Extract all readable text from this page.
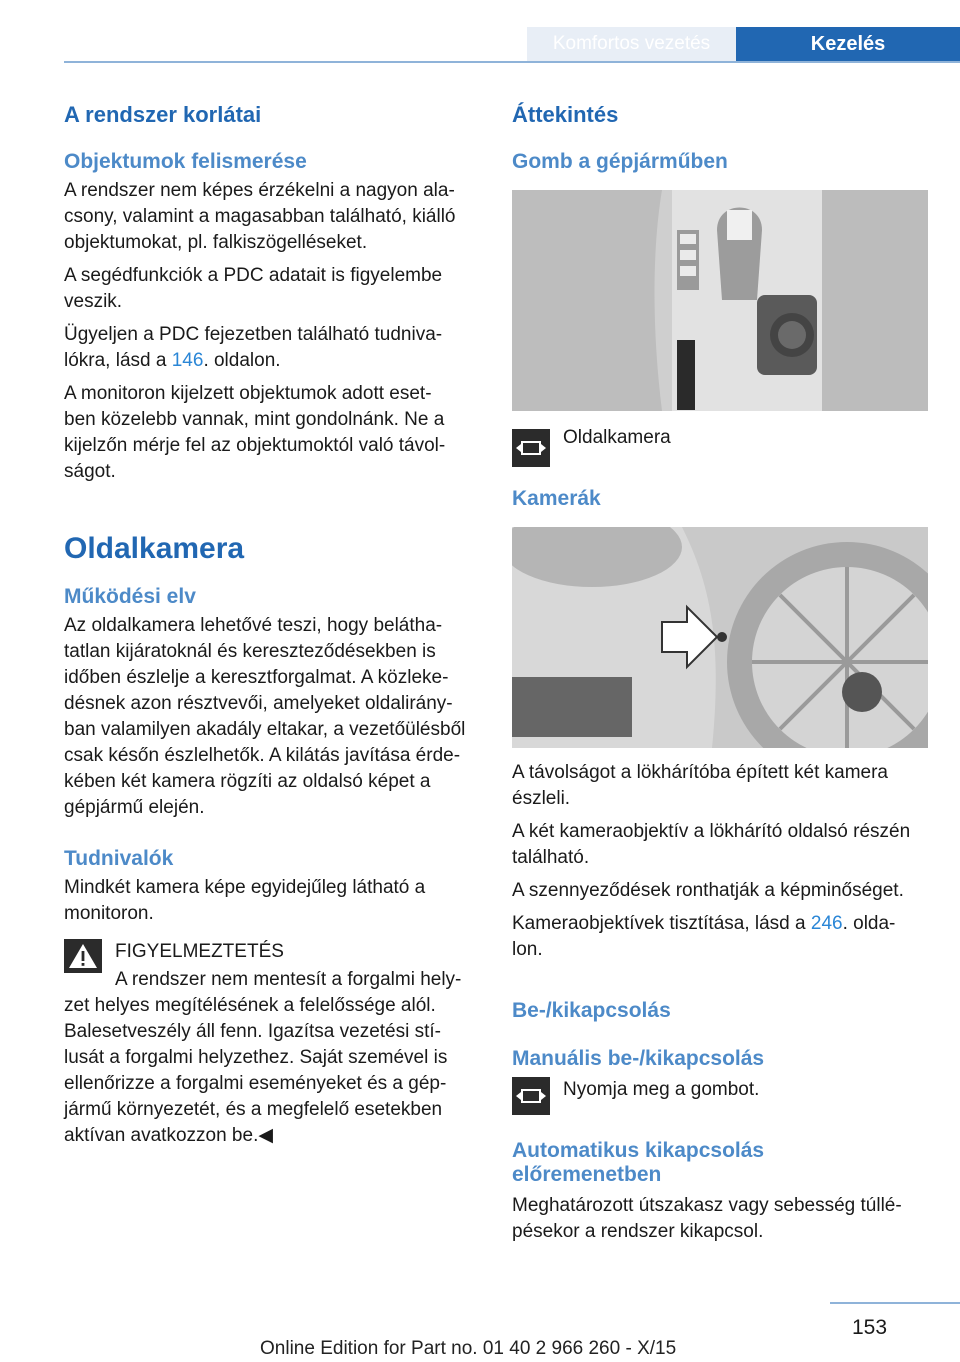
Komfortos vezetés	Kezelés
A rendszer korlátai
Objektumok felismerése
A rendszer nem képes érzékelni a nagyon ala-
csony, valamint a magasabban található, kiálló
objektumokat, pl. falkiszögelléseket.
A segédfunkciók a PDC adatait is figyelembe
veszik.
Ügyeljen a PDC fejezetben található tudniva-
lókra, lásd a 146. oldalon.
A monitoron kijelzett objektumok adott eset-
ben közelebb vannak, mint gondolnánk. Ne a
kijelzőn mérje fel az objektumoktól való távol-
ságot.
Oldalkamera
Működési elv
Az oldalkamera lehetővé teszi, hogy belátha-
tatlan kijáratoknál és kereszteződésekben is
időben észlelje a keresztforgalmat. A közleke-
désnek azon résztvevői, amelyeket oldalirány-
ban valamilyen akadály eltakar, a vezetőülésből
csak későn észlelhetők. A kilátás javítása érde-
kében két kamera rögzíti az oldalsó képet a
gépjármű elején.
Tudnivalók
Mindkét kamera képe egyidejűleg látható a
monitoron.
FIGYELMEZTETÉS
A rendszer nem mentesít a forgalmi hely-
zet helyes megítélésének a felelőssége alól.
Balesetveszély áll fenn. Igazítsa vezetési stí-
lusát a forgalmi helyzethez. Saját szemével is
ellenőrizze a forgalmi eseményeket és a gép-
jármű környezetét, és a megfelelő esetekben
aktívan avatkozzon be.◀
Áttekintés
Gomb a gépjárműben
Oldalkamera
Kamerák
A távolságot a lökhárítóba épített két kamera
észleli.
A két kameraobjektív a lökhárító oldalsó részén
található.
A szennyeződések ronthatják a képminőséget.
Kameraobjektívek tisztítása, lásd a 246. olda-
lon.
Be-/kikapcsolás
Manuális be-/kikapcsolás
Nyomja meg a gombot.
Automatikus kikapcsolás
előremenetben
Meghatározott útszakasz vagy sebesség túllé-
pésekor a rendszer kikapcsol.
153
Online Edition for Part no. 01 40 2 966 260 - X/15
